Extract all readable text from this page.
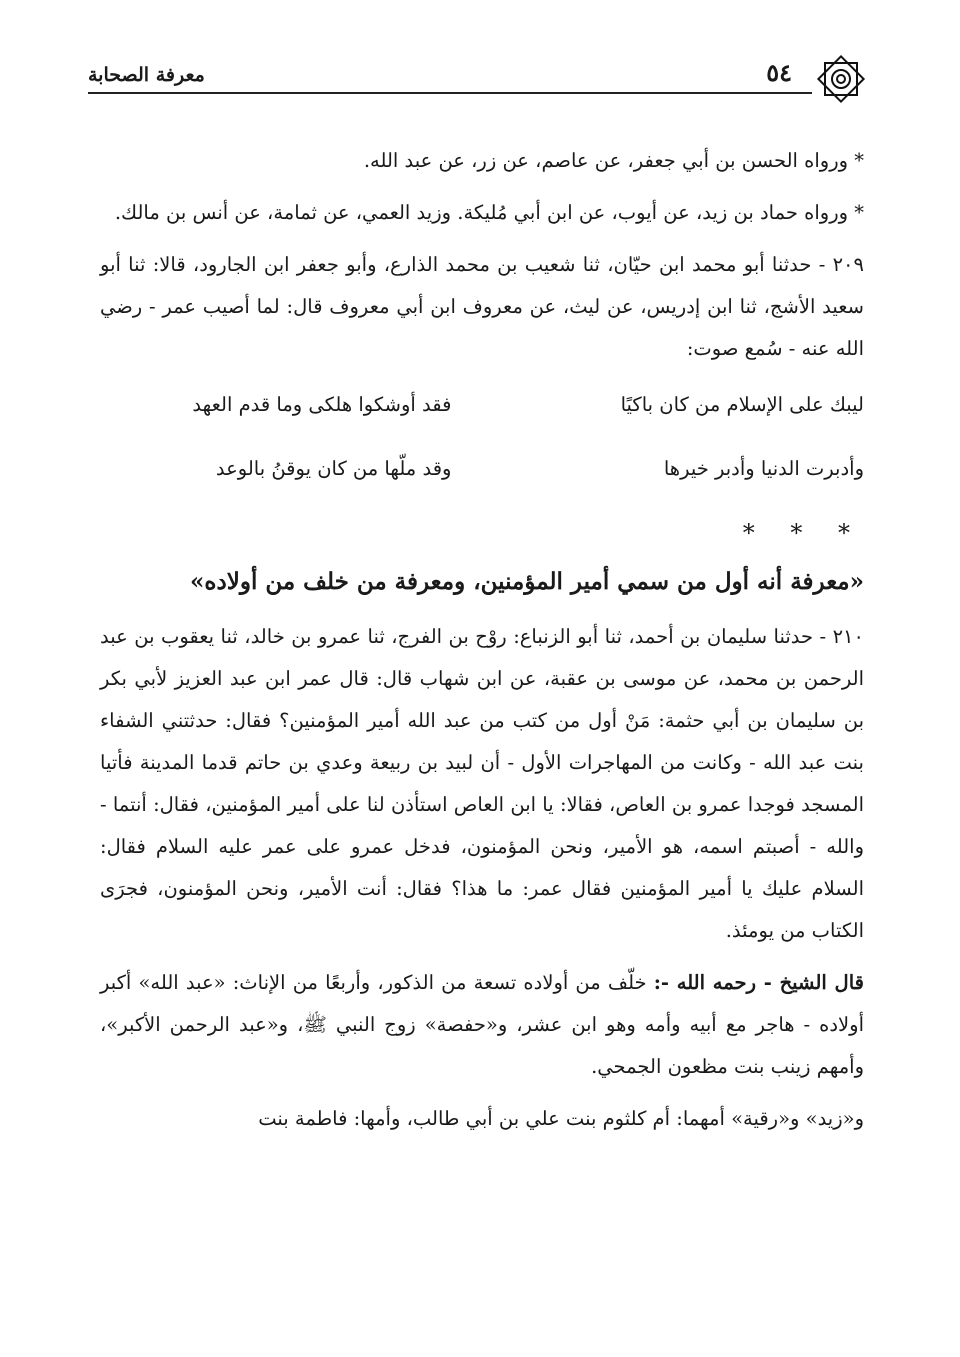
٥٤
معرفة الصحابة

* ورواه الحسن بن أبي جعفر، عن عاصم، عن زر، عن عبد الله.

* ورواه حماد بن زيد، عن أيوب، عن ابن أبي مُليكة. وزيد العمي، عن ثمامة، عن أنس بن مالك.

٢٠٩ - حدثنا أبو محمد ابن حيّان، ثنا شعيب بن محمد الذارع، وأبو جعفر ابن الجارود، قالا: ثنا أبو سعيد الأشج، ثنا ابن إدريس، عن ليث، عن معروف ابن أبي معروف قال: لما أصيب عمر - رضي الله عنه - سُمع صوت:

ليبك على الإسلام من كان باكيًا
فقد أوشكوا هلكى وما قدم العهد
وأدبرت الدنيا وأدبر خيرها
وقد ملّها من كان يوقنُ بالوعد
* * *
«معرفة أنه أول من سمي أمير المؤمنين، ومعرفة من خلف من أولاده»

٢١٠ - حدثنا سليمان بن أحمد، ثنا أبو الزنباع: روْح بن الفرج، ثنا عمرو بن خالد، ثنا يعقوب بن عبد الرحمن بن محمد، عن موسى بن عقبة، عن ابن شهاب قال: قال عمر ابن عبد العزيز لأبي بكر بن سليمان بن أبي حثمة: مَنْ أول من كتب من عبد الله أمير المؤمنين؟ فقال: حدثتني الشفاء بنت عبد الله - وكانت من المهاجرات الأول - أن لبيد بن ربيعة وعدي بن حاتم قدما المدينة فأتيا المسجد فوجدا عمرو بن العاص، فقالا: يا ابن العاص استأذن لنا على أمير المؤمنين، فقال: أنتما - والله - أصبتم اسمه، هو الأمير، ونحن المؤمنون، فدخل عمرو على عمر عليه السلام فقال: السلام عليك يا أمير المؤمنين فقال عمر: ما هذا؟ فقال: أنت الأمير، ونحن المؤمنون، فجرَى الكتاب من يومئذ.

قال الشيخ - رحمه الله -: خلّف من أولاده تسعة من الذكور، وأربعًا من الإناث: «عبد الله» أكبر أولاده - هاجر مع أبيه وأمه وهو ابن عشر، و«حفصة» زوج النبي ﷺ، و«عبد الرحمن الأكبر»، وأمهم زينب بنت مظعون الجمحي.

و«زيد» و«رقية» أمهما: أم كلثوم بنت علي بن أبي طالب، وأمها: فاطمة بنت
